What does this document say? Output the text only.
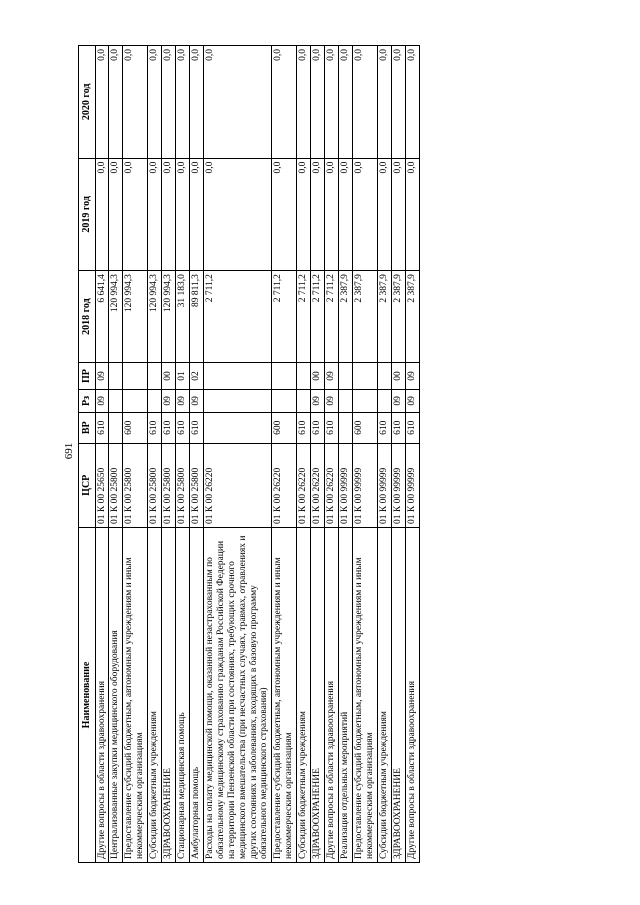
691
Наименование	ЦСР	ВР	Рз	ПР	2018 год	2019 год	2020 год
Другие вопросы в области здравоохранения	01 К 00 25650	610	09	09	6 641,4	0,0	0,0
Централизованные закупки медицинского оборудования	01 К 00 25800				120 994,3	0,0	0,0
Предоставление субсидий бюджетным, автономным учреждениям и иным некоммерческим организациям	01 К 00 25800	600			120 994,3	0,0	0,0
Субсидии бюджетным учреждениям	01 К 00 25800	610			120 994,3	0,0	0,0
ЗДРАВООХРАНЕНИЕ	01 К 00 25800	610	09	00	120 994,3	0,0	0,0
Стационарная медицинская помощь	01 К 00 25800	610	09	01	31 183,0	0,0	0,0
Амбулаторная помощь	01 К 00 25800	610	09	02	89 811,3	0,0	0,0
Расходы на оплату медицинской помощи, оказанной незастрахованным по обязательному медицинскому страхованию гражданам Российской Федерации на территории Пензенской области при состояниях, требующих срочного медицинского вмешательства (при несчастных случаях, травмах, отравлениях и других состояниях и заболеваниях, входящих в базовую программу обязательного медицинского страхования)	01 К 00 26220				2 711,2	0,0	0,0
Предоставление субсидий бюджетным, автономным учреждениям и иным некоммерческим организациям	01 К 00 26220	600			2 711,2	0,0	0,0
Субсидии бюджетным учреждениям	01 К 00 26220	610			2 711,2	0,0	0,0
ЗДРАВООХРАНЕНИЕ	01 К 00 26220	610	09	00	2 711,2	0,0	0,0
Другие вопросы в области здравоохранения	01 К 00 26220	610	09	09	2 711,2	0,0	0,0
Реализация отдельных мероприятий	01 К 00 99999				2 387,9	0,0	0,0
Предоставление субсидий бюджетным, автономным учреждениям и иным некоммерческим организациям	01 К 00 99999	600			2 387,9	0,0	0,0
Субсидии бюджетным учреждениям	01 К 00 99999	610			2 387,9	0,0	0,0
ЗДРАВООХРАНЕНИЕ	01 К 00 99999	610	09	00	2 387,9	0,0	0,0
Другие вопросы в области здравоохранения	01 К 00 99999	610	09	09	2 387,9	0,0	0,0
